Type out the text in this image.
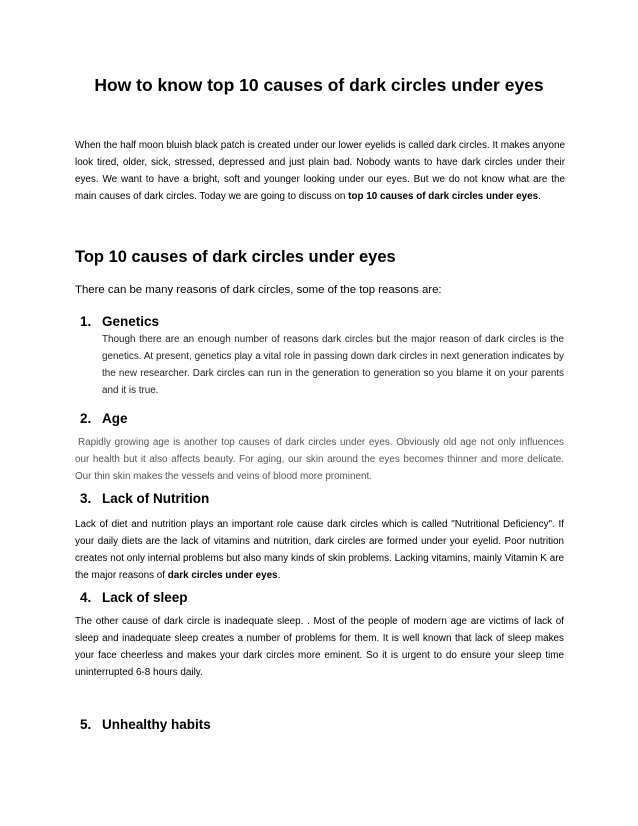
How to know top 10 causes of dark circles under eyes

When the half moon bluish black patch is created under our lower eyelids is called dark circles. It makes anyone look tired, older, sick, stressed, depressed and just plain bad. Nobody wants to have dark circles under their eyes. We want to have a bright, soft and younger looking under our eyes. But we do not know what are the main causes of dark circles. Today we are going to discuss on top 10 causes of dark circles under eyes.

Top 10 causes of dark circles under eyes

There can be many reasons of dark circles, some of the top reasons are:

1. Genetics

Though there are an enough number of reasons dark circles but the major reason of dark circles is the genetics. At present, genetics play a vital role in passing down dark circles in next generation indicates by the new researcher. Dark circles can run in the generation to generation so you blame it on your parents and it is true.

2. Age

Rapidly growing age is another top causes of dark circles under eyes. Obviously old age not only influences our health but it also affects beauty. For aging, our skin around the eyes becomes thinner and more delicate. Our thin skin makes the vessels and veins of blood more prominent.

3. Lack of Nutrition

Lack of diet and nutrition plays an important role cause dark circles which is called "Nutritional Deficiency". If your daily diets are the lack of vitamins and nutrition, dark circles are formed under your eyelid. Poor nutrition creates not only internal problems but also many kinds of skin problems. Lacking vitamins, mainly Vitamin K are the major reasons of dark circles under eyes.

4. Lack of sleep

The other cause of dark circle is inadequate sleep. . Most of the people of modern age are victims of lack of sleep and inadequate sleep creates a number of problems for them. It is well known that lack of sleep makes your face cheerless and makes your dark circles more eminent. So it is urgent to do ensure your sleep time uninterrupted 6-8 hours daily.

5. Unhealthy habits
